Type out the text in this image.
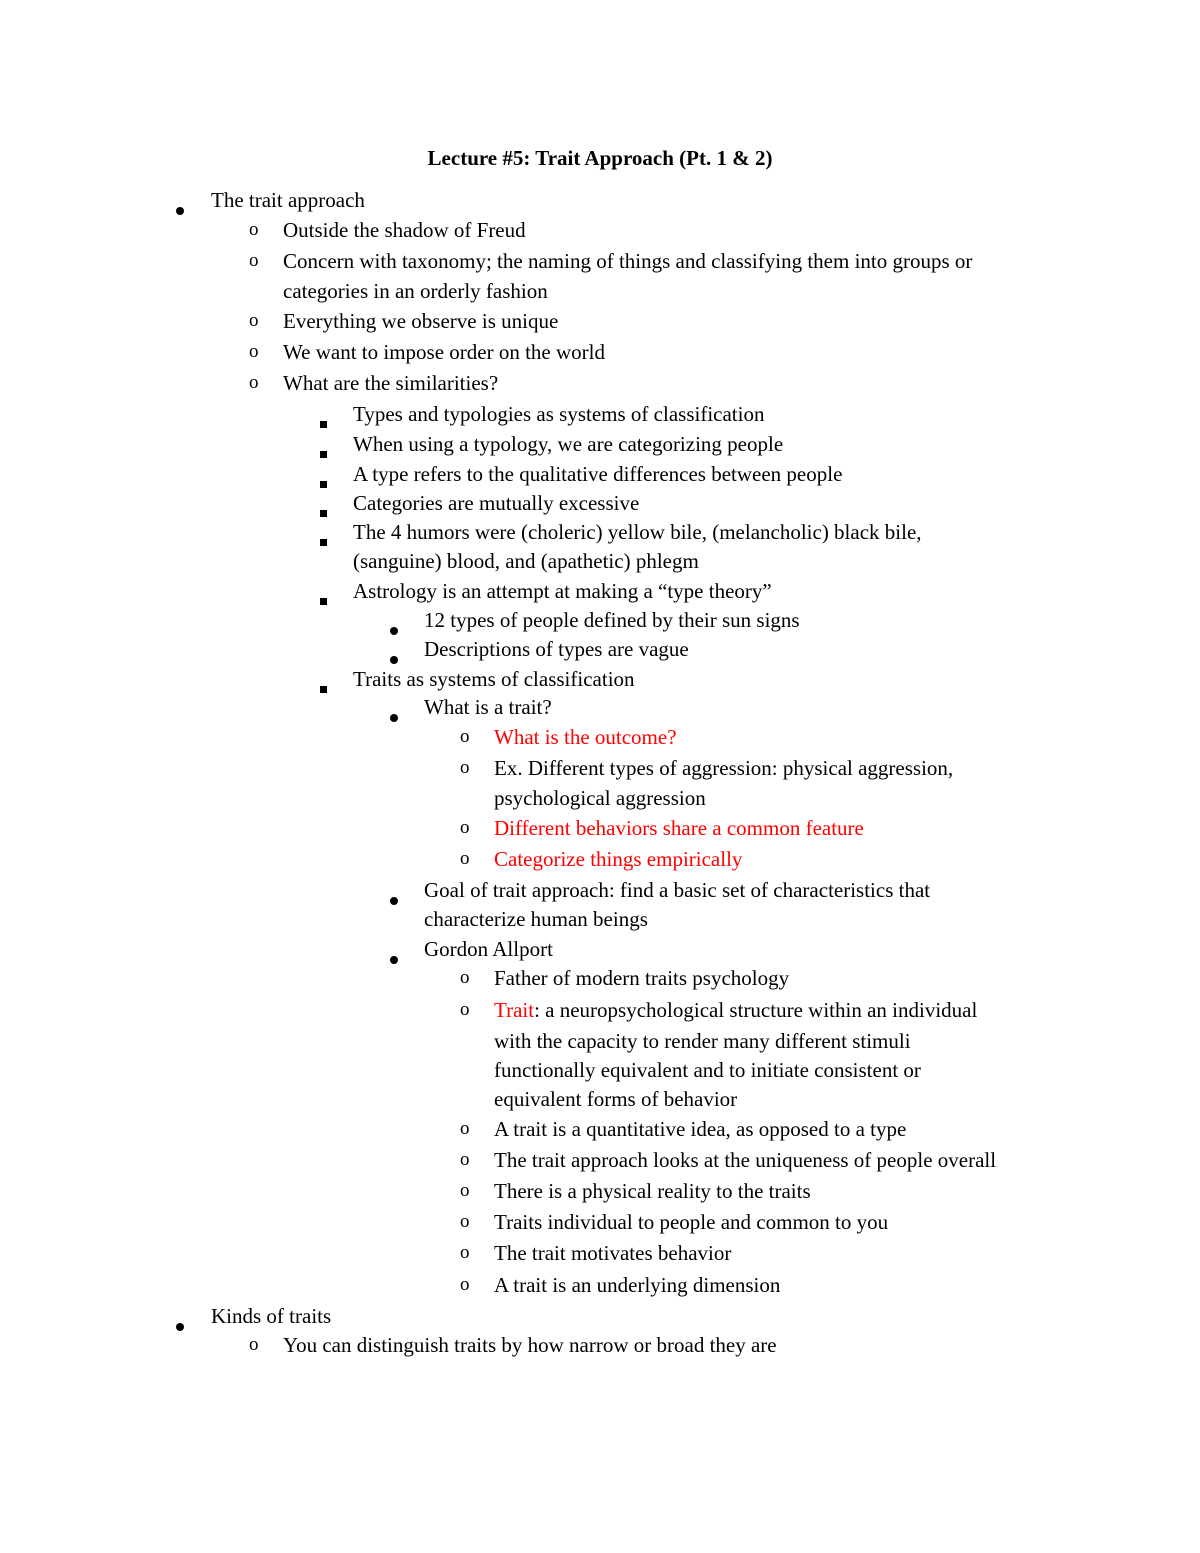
Lecture #5: Trait Approach (Pt. 1 & 2)
The trait approach
o Outside the shadow of Freud
o Concern with taxonomy; the naming of things and classifying them into groups or
categories in an orderly fashion
o Everything we observe is unique
o We want to impose order on the world
o What are the similarities?
Types and typologies as systems of classification
When using a typology, we are categorizing people
A type refers to the qualitative differences between people
Categories are mutually excessive
The 4 humors were (choleric) yellow bile, (melancholic) black bile,
(sanguine) blood, and (apathetic) phlegm
Astrology is an attempt at making a “type theory”
12 types of people defined by their sun signs
Descriptions of types are vague
Traits as systems of classification
What is a trait?
o What is the outcome?
o Ex. Different types of aggression: physical aggression,
psychological aggression
o Different behaviors share a common feature
o Categorize things empirically
Goal of trait approach: find a basic set of characteristics that
characterize human beings
Gordon Allport
o Father of modern traits psychology
o Trait: a neuropsychological structure within an individual
with the capacity to render many different stimuli
functionally equivalent and to initiate consistent or
equivalent forms of behavior
o A trait is a quantitative idea, as opposed to a type
o The trait approach looks at the uniqueness of people overall
o There is a physical reality to the traits
o Traits individual to people and common to you
o The trait motivates behavior
o A trait is an underlying dimension
Kinds of traits
o You can distinguish traits by how narrow or broad they are
